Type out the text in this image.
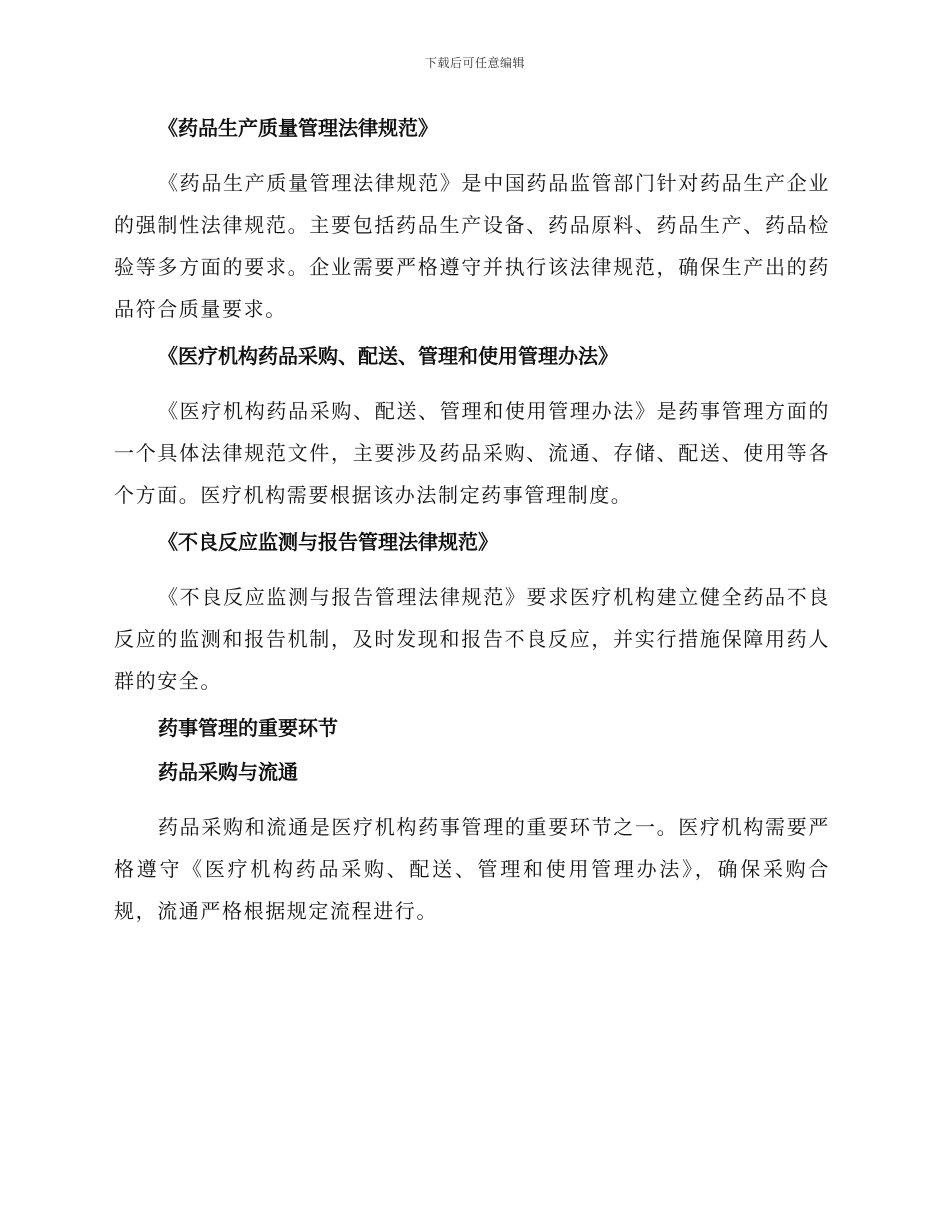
下载后可任意编辑
《药品生产质量管理法律规范》

《药品生产质量管理法律规范》是中国药品监管部门针对药品生产企业的强制性法律规范。主要包括药品生产设备、药品原料、药品生产、药品检验等多方面的要求。企业需要严格遵守并执行该法律规范，确保生产出的药品符合质量要求。

《医疗机构药品采购、配送、管理和使用管理办法》

《医疗机构药品采购、配送、管理和使用管理办法》是药事管理方面的一个具体法律规范文件，主要涉及药品采购、流通、存储、配送、使用等各个方面。医疗机构需要根据该办法制定药事管理制度。

《不良反应监测与报告管理法律规范》

《不良反应监测与报告管理法律规范》要求医疗机构建立健全药品不良反应的监测和报告机制，及时发现和报告不良反应，并实行措施保障用药人群的安全。

药事管理的重要环节
药品采购与流通

药品采购和流通是医疗机构药事管理的重要环节之一。医疗机构需要严格遵守《医疗机构药品采购、配送、管理和使用管理办法》，确保采购合规，流通严格根据规定流程进行。
